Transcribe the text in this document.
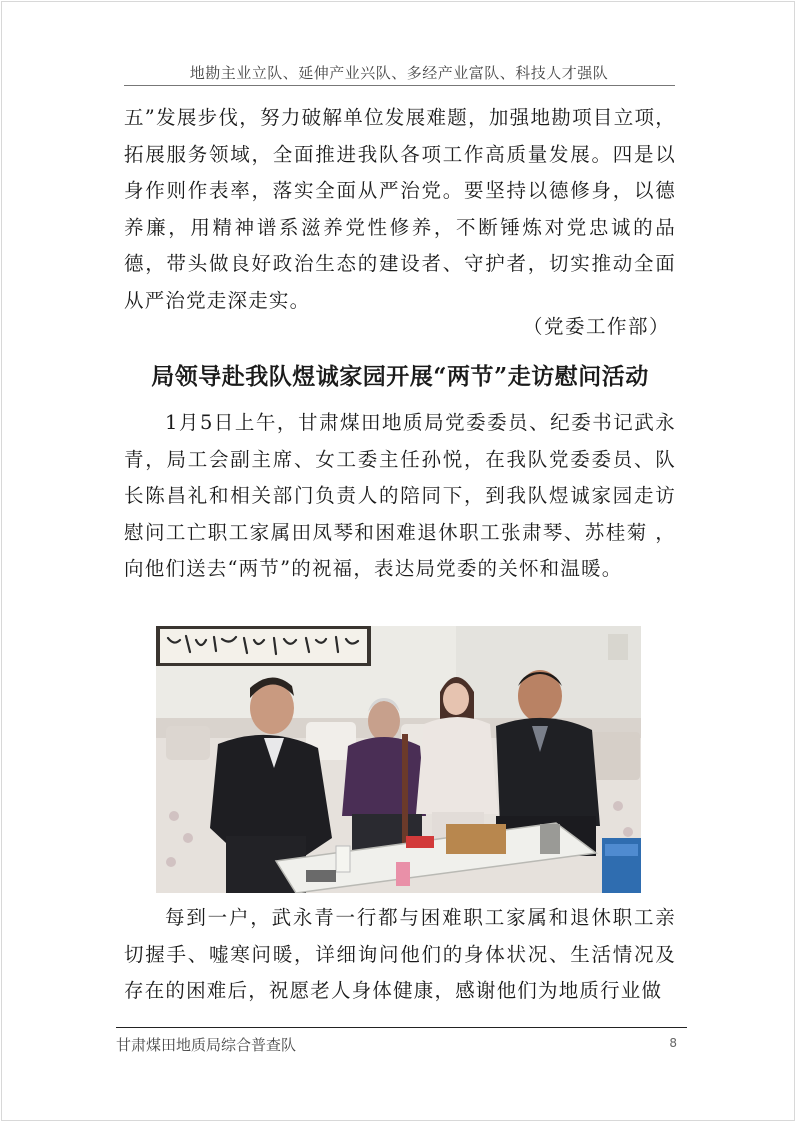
地勘主业立队、延伸产业兴队、多经产业富队、科技人才强队
五”发展步伐，努力破解单位发展难题，加强地勘项目立项，拓展服务领域，全面推进我队各项工作高质量发展。四是以身作则作表率，落实全面从严治党。要坚持以德修身，以德养廉，用精神谱系滋养党性修养，不断锤炼对党忠诚的品德，带头做良好政治生态的建设者、守护者，切实推动全面从严治党走深走实。
（党委工作部）
局领导赴我队煜诚家园开展“两节”走访慰问活动
1月5日上午，甘肃煤田地质局党委委员、纪委书记武永青，局工会副主席、女工委主任孙悦，在我队党委委员、队长陈昌礼和相关部门负责人的陪同下，到我队煜诚家园走访慰问工亡职工家属田凤琴和困难退休职工张肃琴、苏桂菊 ，向他们送去“两节”的祝福，表达局党委的关怀和温暖。
每到一户，武永青一行都与困难职工家属和退休职工亲切握手、嘘寒问暖，详细询问他们的身体状况、生活情况及存在的困难后，祝愿老人身体健康，感谢他们为地质行业做
甘肃煤田地质局综合普查队	8
